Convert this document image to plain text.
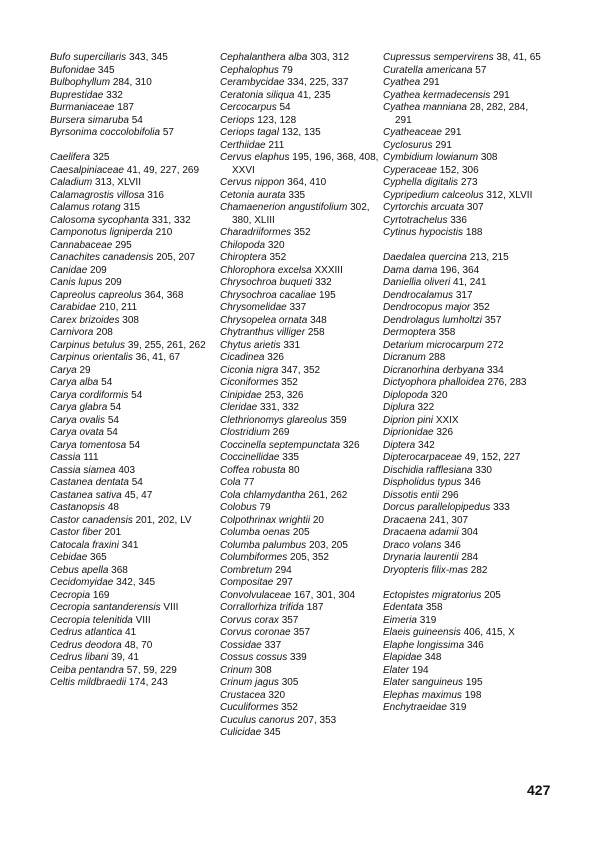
Bufo superciliaris 343, 345
Bufonidae 345
Bulbophyllum 284, 310
Buprestidae 332
Burmaniaceae 187
Bursera simaruba 54
Byrsonima coccolobifolia 57
Caelifera 325
Caesalpiniaceae 41, 49, 227, 269
Caladium 313, XLVII
Calamagrostis villosa 316
Calamus rotang 315
Calosoma sycophanta 331, 332
Camponotus ligniperda 210
Cannabaceae 295
Canachites canadensis 205, 207
Canidae 209
Canis lupus 209
Capreolus capreolus 364, 368
Carabidae 210, 211
Carex brizoides 308
Carnivora 208
Carpinus betulus 39, 255, 261, 262
Carpinus orientalis 36, 41, 67
Carya 29
Carya alba 54
Carya cordiformis 54
Carya glabra 54
Carya ovalis 54
Carya ovata 54
Carya tomentosa 54
Cassia 111
Cassia siamea 403
Castanea dentata 54
Castanea sativa 45, 47
Castanopsis 48
Castor canadensis 201, 202, LV
Castor fiber 201
Catocala fraxini 341
Cebidae 365
Cebus apella 368
Cecidomyidae 342, 345
Cecropia 169
Cecropia santanderensis VIII
Cecropia telenitida VIII
Cedrus atlantica 41
Cedrus deodora 48, 70
Cedrus libani 39, 41
Ceiba pentandra 57, 59, 229
Celtis mildbraedii 174, 243
Cephalanthera alba 303, 312
Cephalophus 79
Cerambycidae 334, 225, 337
Ceratonia siliqua 41, 235
Cercocarpus 54
Ceriops 123, 128
Ceriops tagal 132, 135
Certhiidae 211
Cervus elaphus 195, 196, 368, 408, XXVI
Cervus nippon 364, 410
Cetonia aurata 335
Chamaenerion angustifolium 302, 380, XLIII
Charadriiformes 352
Chilopoda 320
Chiroptera 352
Chlorophora excelsa XXXIII
Chrysochroa buqueti 332
Chrysochroa cacaliae 195
Chrysomelidae 337
Chrysopelea ornata 348
Chytranthus villiger 258
Chytus arietis 331
Cicadinea 326
Ciconia nigra 347, 352
Ciconiformes 352
Cinipidae 253, 326
Cleridae 331, 332
Clethrionomys glareolus 359
Clostridium 269
Coccinella septempunctata 326
Coccinellidae 335
Coffea robusta 80
Cola 77
Cola chlamydantha 261, 262
Colobus 79
Colpothrinax wrightii 20
Columba oenas 205
Columba palumbus 203, 205
Columbiformes 205, 352
Combretum 294
Compositae 297
Convolvulaceae 167, 301, 304
Corrallorhiza trifida 187
Corvus corax 357
Corvus coronae 357
Cossidae 337
Cossus cossus 339
Crinum 308
Crinum jagus 305
Crustacea 320
Cuculiformes 352
Cuculus canorus 207, 353
Culicidae 345
Cupressus sempervirens 38, 41, 65
Curatella americana 57
Cyathea 291
Cyathea kermadecensis 291
Cyathea manniana 28, 282, 284, 291
Cyatheaceae 291
Cyclosurus 291
Cymbidium lowianum 308
Cyperaceae 152, 306
Cyphella digitalis 273
Cypripedium calceolus 312, XLVII
Cyrtorchis arcuata 307
Cyrtotrachelus 336
Cytinus hypocistis 188
Daedalea quercina 213, 215
Dama dama 196, 364
Daniellia oliveri 41, 241
Dendrocalamus 317
Dendrocopus major 352
Dendrolagus lumholtzi 357
Dermoptera 358
Detarium microcarpum 272
Dicranum 288
Dicranorhina derbyana 334
Dictyophora phalloidea 276, 283
Diplopoda 320
Diplura 322
Diprion pini XXIX
Diprionidae 326
Diptera 342
Dipterocarpaceae 49, 152, 227
Dischidia rafflesiana 330
Dispholidus typus 346
Dissotis entii 296
Dorcus parallelopipedus 333
Dracaena 241, 307
Dracaena adamii 304
Draco volans 346
Drynaria laurentii 284
Dryopteris filix-mas 282
Ectopistes migratorius 205
Edentata 358
Eimeria 319
Elaeis guineensis 406, 415, X
Elaphe longissima 346
Elapidae 348
Elater 194
Elater sanguineus 195
Elephas maximus 198
Enchytraeidae 319
427
